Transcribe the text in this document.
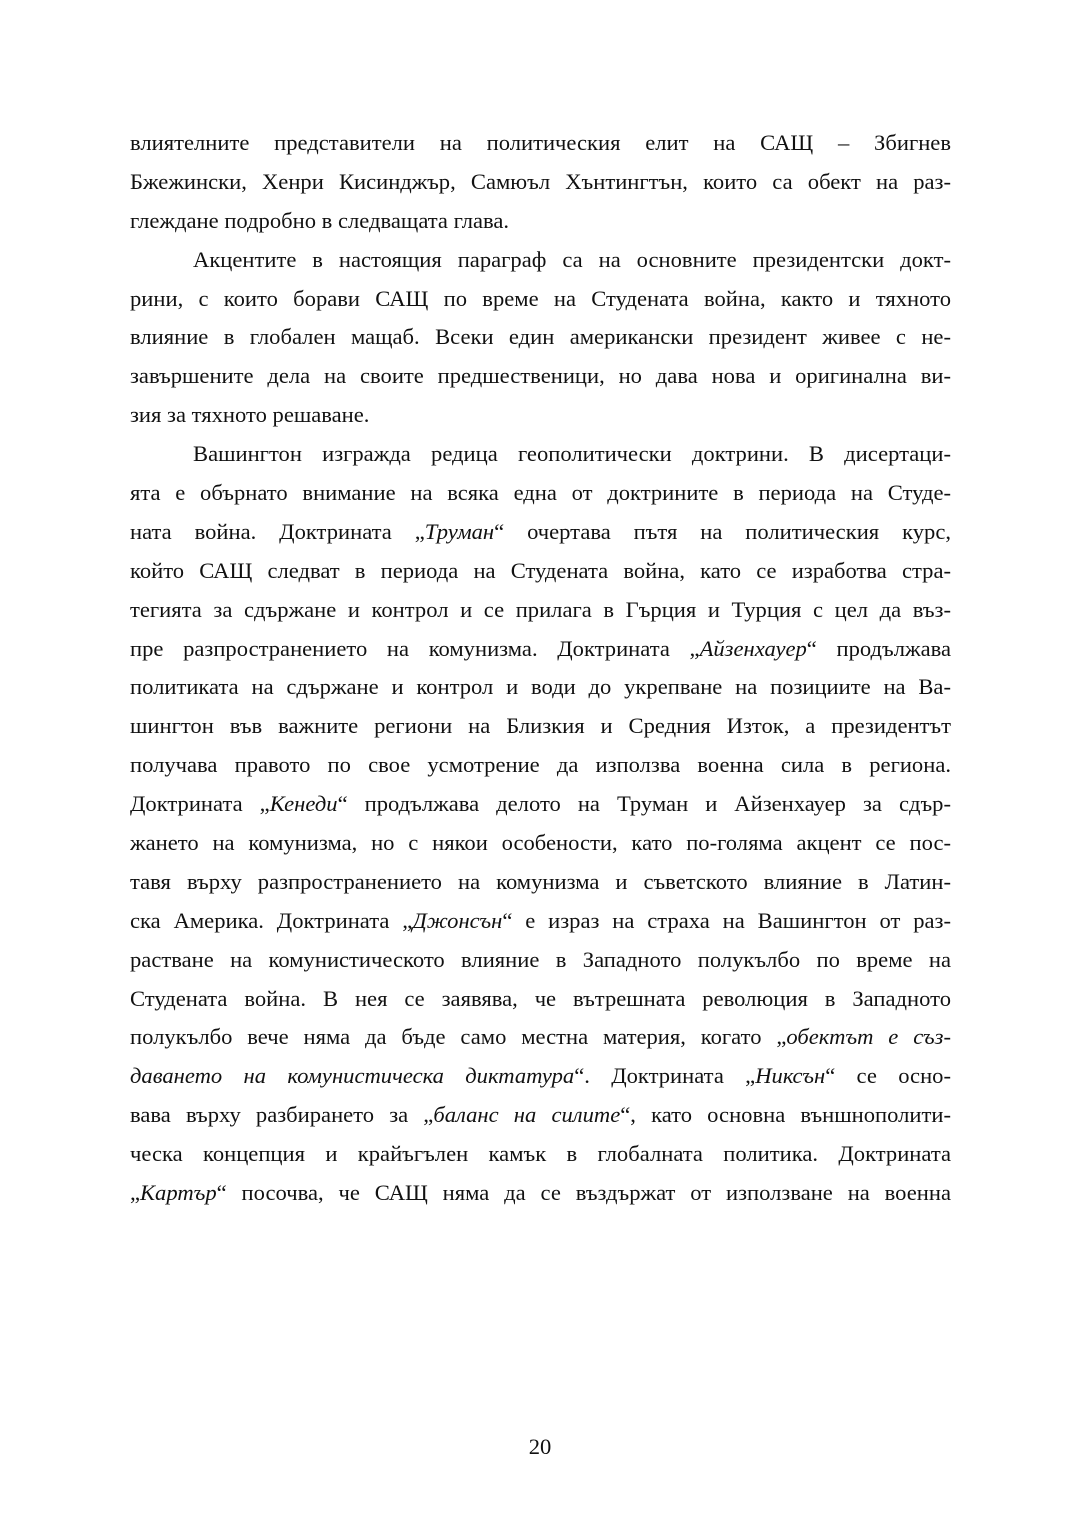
влиятелните представители на политическия елит на САЩ – Збигнев
Бжежински, Хенри Кисинджър, Самюъл Хънтингтън, които са обект на раз-
глеждане подробно в следващата глава.
Акцентите в настоящия параграф са на основните президентски докт-
рини, с които борави САЩ по време на Студената война, както и тяхното
влияние в глобален мащаб. Всеки един американски президент живее с не-
завършените дела на своите предшественици, но дава нова и оригинална ви-
зия за тяхното решаване.
Вашингтон изгражда редица геополитически доктрини. В дисертаци-
ята е обърнато внимание на всяка една от доктрините в периода на Студе-
ната война. Доктрината „Труман“ очертава пътя на политическия курс,
който САЩ следват в периода на Студената война, като се изработва стра-
тегията за сдържане и контрол и се прилага в Гърция и Турция с цел да въз-
пре разпространението на комунизма. Доктрината „Айзенхауер“ продължава
политиката на сдържане и контрол и води до укрепване на позициите на Ва-
шингтон във важните региони на Близкия и Средния Изток, а президентът
получава правото по свое усмотрение да използва военна сила в региона.
Доктрината „Кенеди“ продължава делото на Труман и Айзенхауер за сдър-
жането на комунизма, но с някои особености, като по-голяма акцент се пос-
тавя върху разпространението на комунизма и съветското влияние в Латин-
ска Америка. Доктрината „Джонсън“ е израз на страха на Вашингтон от раз-
растване на комунистическото влияние в Западното полукълбо по време на
Студената война. В нея се заявява, че вътрешната революция в Западното
полукълбо вече няма да бъде само местна материя, когато „обектът е съз-
даването на комунистическа диктатура“. Доктрината „Никсън“ се осно-
вава върху разбирането за „баланс на силите“, като основна външнополити-
ческа концепция и крайъгълен камък в глобалната политика. Доктрината
„Картър“ посочва, че САЩ няма да се въздържат от използване на военна
20
